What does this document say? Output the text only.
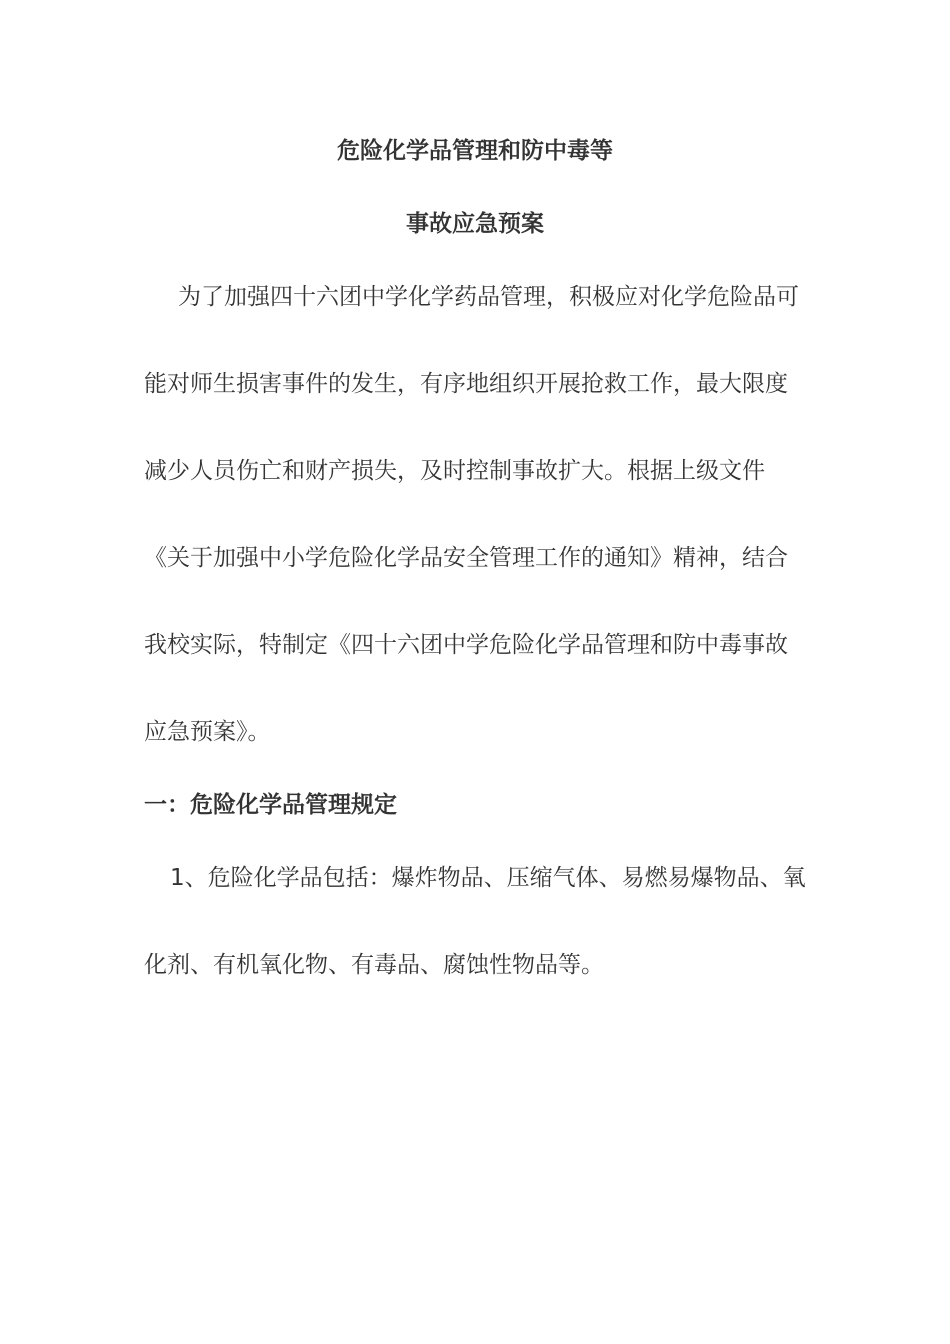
危险化学品管理和防中毒等
事故应急预案
为了加强四十六团中学化学药品管理，积极应对化学危险品可
能对师生损害事件的发生，有序地组织开展抢救工作，最大限度
减少人员伤亡和财产损失，及时控制事故扩大。根据上级文件
《关于加强中小学危险化学品安全管理工作的通知》精神，结合
我校实际，特制定《四十六团中学危险化学品管理和防中毒事故
应急预案》。
一：危险化学品管理规定
1、危险化学品包括：爆炸物品、压缩气体、易燃易爆物品、氧
化剂、有机氧化物、有毒品、腐蚀性物品等。
